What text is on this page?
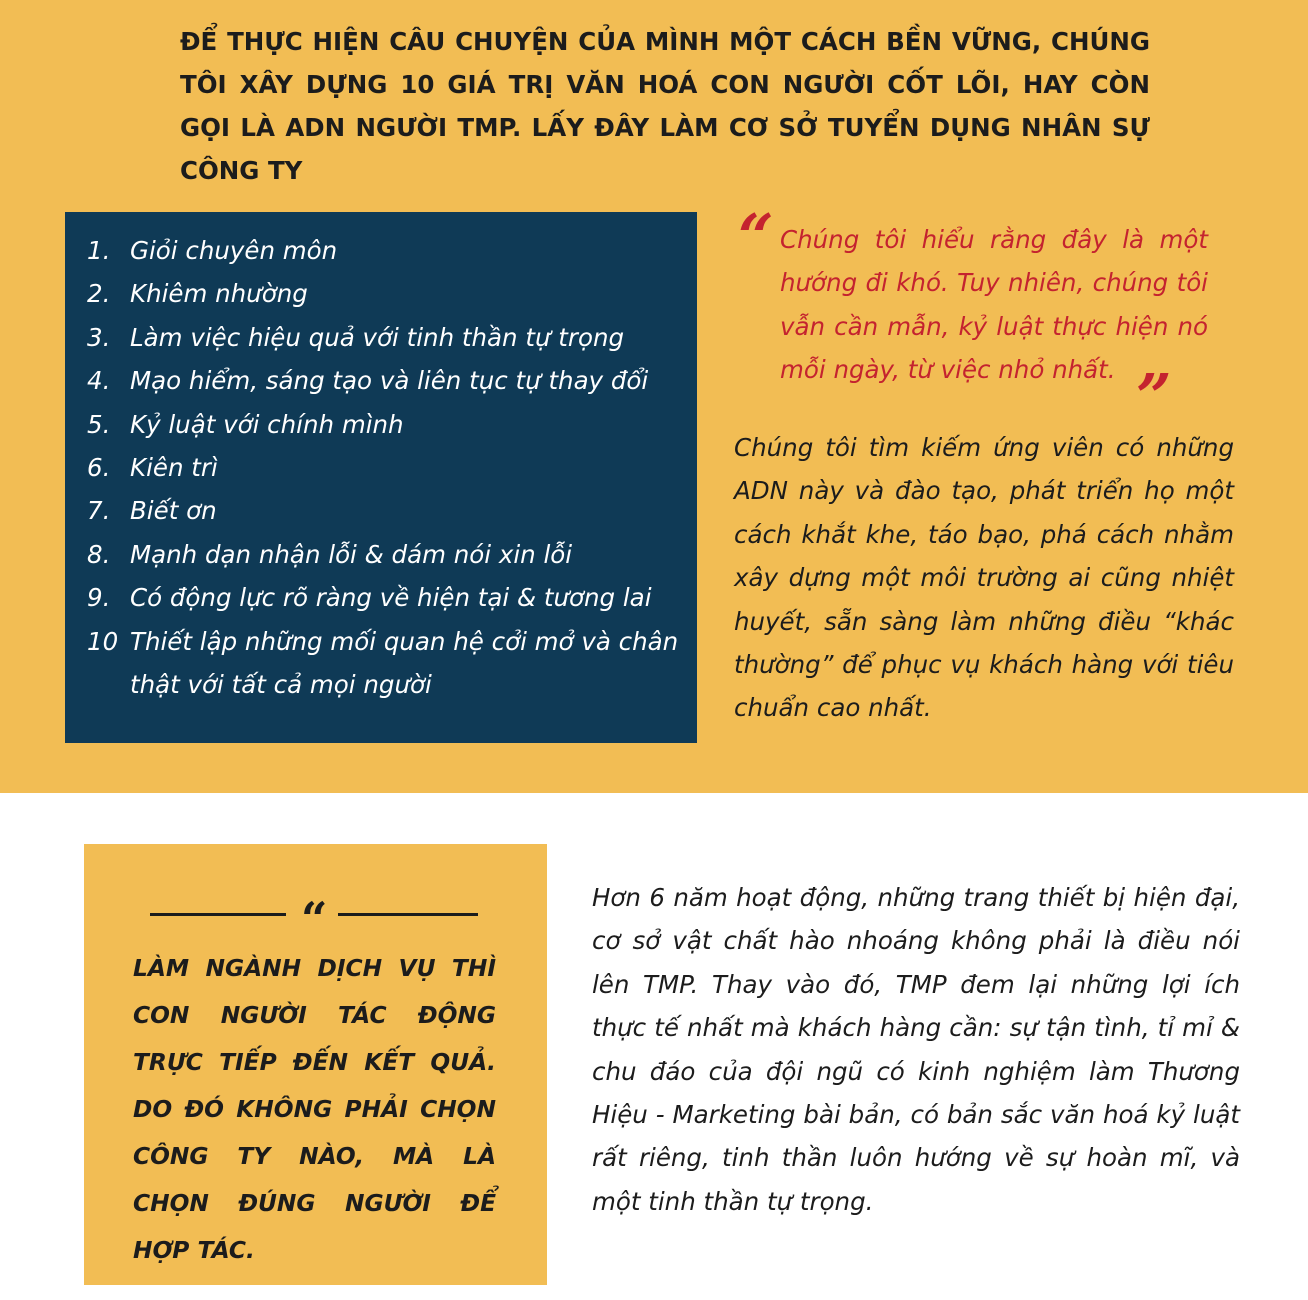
ĐỂ THỰC HIỆN CÂU CHUYỆN CỦA MÌNH MỘT CÁCH BỀN VỮNG, CHÚNG TÔI XÂY DỰNG 10 GIÁ TRỊ VĂN HOÁ CON NGƯỜI CỐT LÕI, HAY CÒN GỌI LÀ ADN NGƯỜI TMP. LẤY ĐÂY LÀM CƠ SỞ TUYỂN DỤNG NHÂN SỰ CÔNG TY
1. Giỏi chuyên môn
2. Khiêm nhường
3. Làm việc hiệu quả với tinh thần tự trọng
4. Mạo hiểm, sáng tạo và liên tục tự thay đổi
5. Kỷ luật với chính mình
6. Kiên trì
7. Biết ơn
8. Mạnh dạn nhận lỗi & dám nói xin lỗi
9. Có động lực rõ ràng về hiện tại & tương lai
10 Thiết lập những mối quan hệ cởi mở và chân thật với tất cả mọi người
“ Chúng tôi hiểu rằng đây là một hướng đi khó. Tuy nhiên, chúng tôi vẫn cần mẫn, kỷ luật thực hiện nó mỗi ngày, từ việc nhỏ nhất. ”
Chúng tôi tìm kiếm ứng viên có những ADN này và đào tạo, phát triển họ một cách khắt khe, táo bạo, phá cách nhằm xây dựng một môi trường ai cũng nhiệt huyết, sẵn sàng làm những điều “khác thường” để phục vụ khách hàng với tiêu chuẩn cao nhất.
“
LÀM NGÀNH DỊCH VỤ THÌ CON NGƯỜI TÁC ĐỘNG TRỰC TIẾP ĐẾN KẾT QUẢ. DO ĐÓ KHÔNG PHẢI CHỌN CÔNG TY NÀO, MÀ LÀ CHỌN ĐÚNG NGƯỜI ĐỂ HỢP TÁC.
Hơn 6 năm hoạt động, những trang thiết bị hiện đại, cơ sở vật chất hào nhoáng không phải là điều nói lên TMP. Thay vào đó, TMP đem lại những lợi ích thực tế nhất mà khách hàng cần: sự tận tình, tỉ mỉ & chu đáo của đội ngũ có kinh nghiệm làm Thương Hiệu - Marketing bài bản, có bản sắc văn hoá kỷ luật rất riêng, tinh thần luôn hướng về sự hoàn mĩ, và một tinh thần tự trọng.
